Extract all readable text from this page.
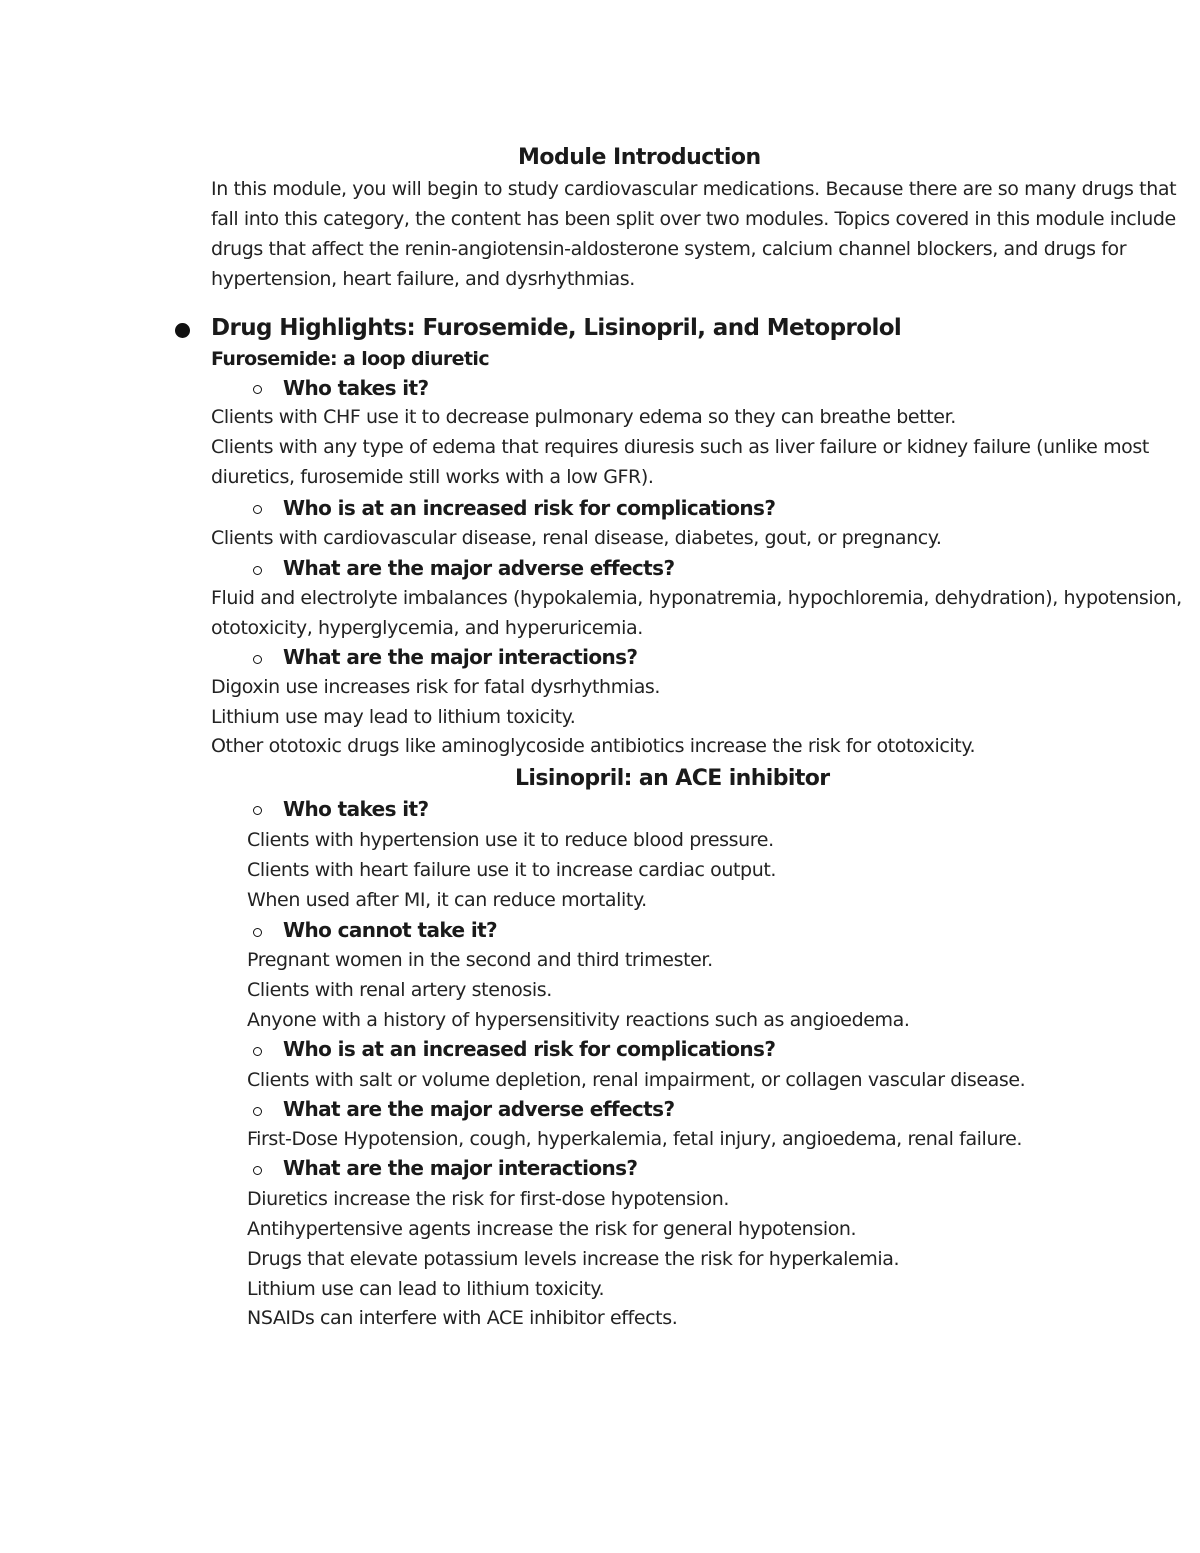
Module Introduction
In this module, you will begin to study cardiovascular medications. Because there are so many drugs that
fall into this category, the content has been split over two modules. Topics covered in this module include
drugs that affect the renin-angiotensin-aldosterone system, calcium channel blockers, and drugs for
hypertension, heart failure, and dysrhythmias.
Drug Highlights: Furosemide, Lisinopril, and Metoprolol
Furosemide: a loop diuretic
Who takes it?
Clients with CHF use it to decrease pulmonary edema so they can breathe better.
Clients with any type of edema that requires diuresis such as liver failure or kidney failure (unlike most
diuretics, furosemide still works with a low GFR).
Who is at an increased risk for complications?
Clients with cardiovascular disease, renal disease, diabetes, gout, or pregnancy.
What are the major adverse effects?
Fluid and electrolyte imbalances (hypokalemia, hyponatremia, hypochloremia, dehydration), hypotension,
ototoxicity, hyperglycemia, and hyperuricemia.
What are the major interactions?
Digoxin use increases risk for fatal dysrhythmias.
Lithium use may lead to lithium toxicity.
Other ototoxic drugs like aminoglycoside antibiotics increase the risk for ototoxicity.
Lisinopril: an ACE inhibitor
Who takes it?
Clients with hypertension use it to reduce blood pressure.
Clients with heart failure use it to increase cardiac output.
When used after MI, it can reduce mortality.
Who cannot take it?
Pregnant women in the second and third trimester.
Clients with renal artery stenosis.
Anyone with a history of hypersensitivity reactions such as angioedema.
Who is at an increased risk for complications?
Clients with salt or volume depletion, renal impairment, or collagen vascular disease.
What are the major adverse effects?
First-Dose Hypotension, cough, hyperkalemia, fetal injury, angioedema, renal failure.
What are the major interactions?
Diuretics increase the risk for first-dose hypotension.
Antihypertensive agents increase the risk for general hypotension.
Drugs that elevate potassium levels increase the risk for hyperkalemia.
Lithium use can lead to lithium toxicity.
NSAIDs can interfere with ACE inhibitor effects.
